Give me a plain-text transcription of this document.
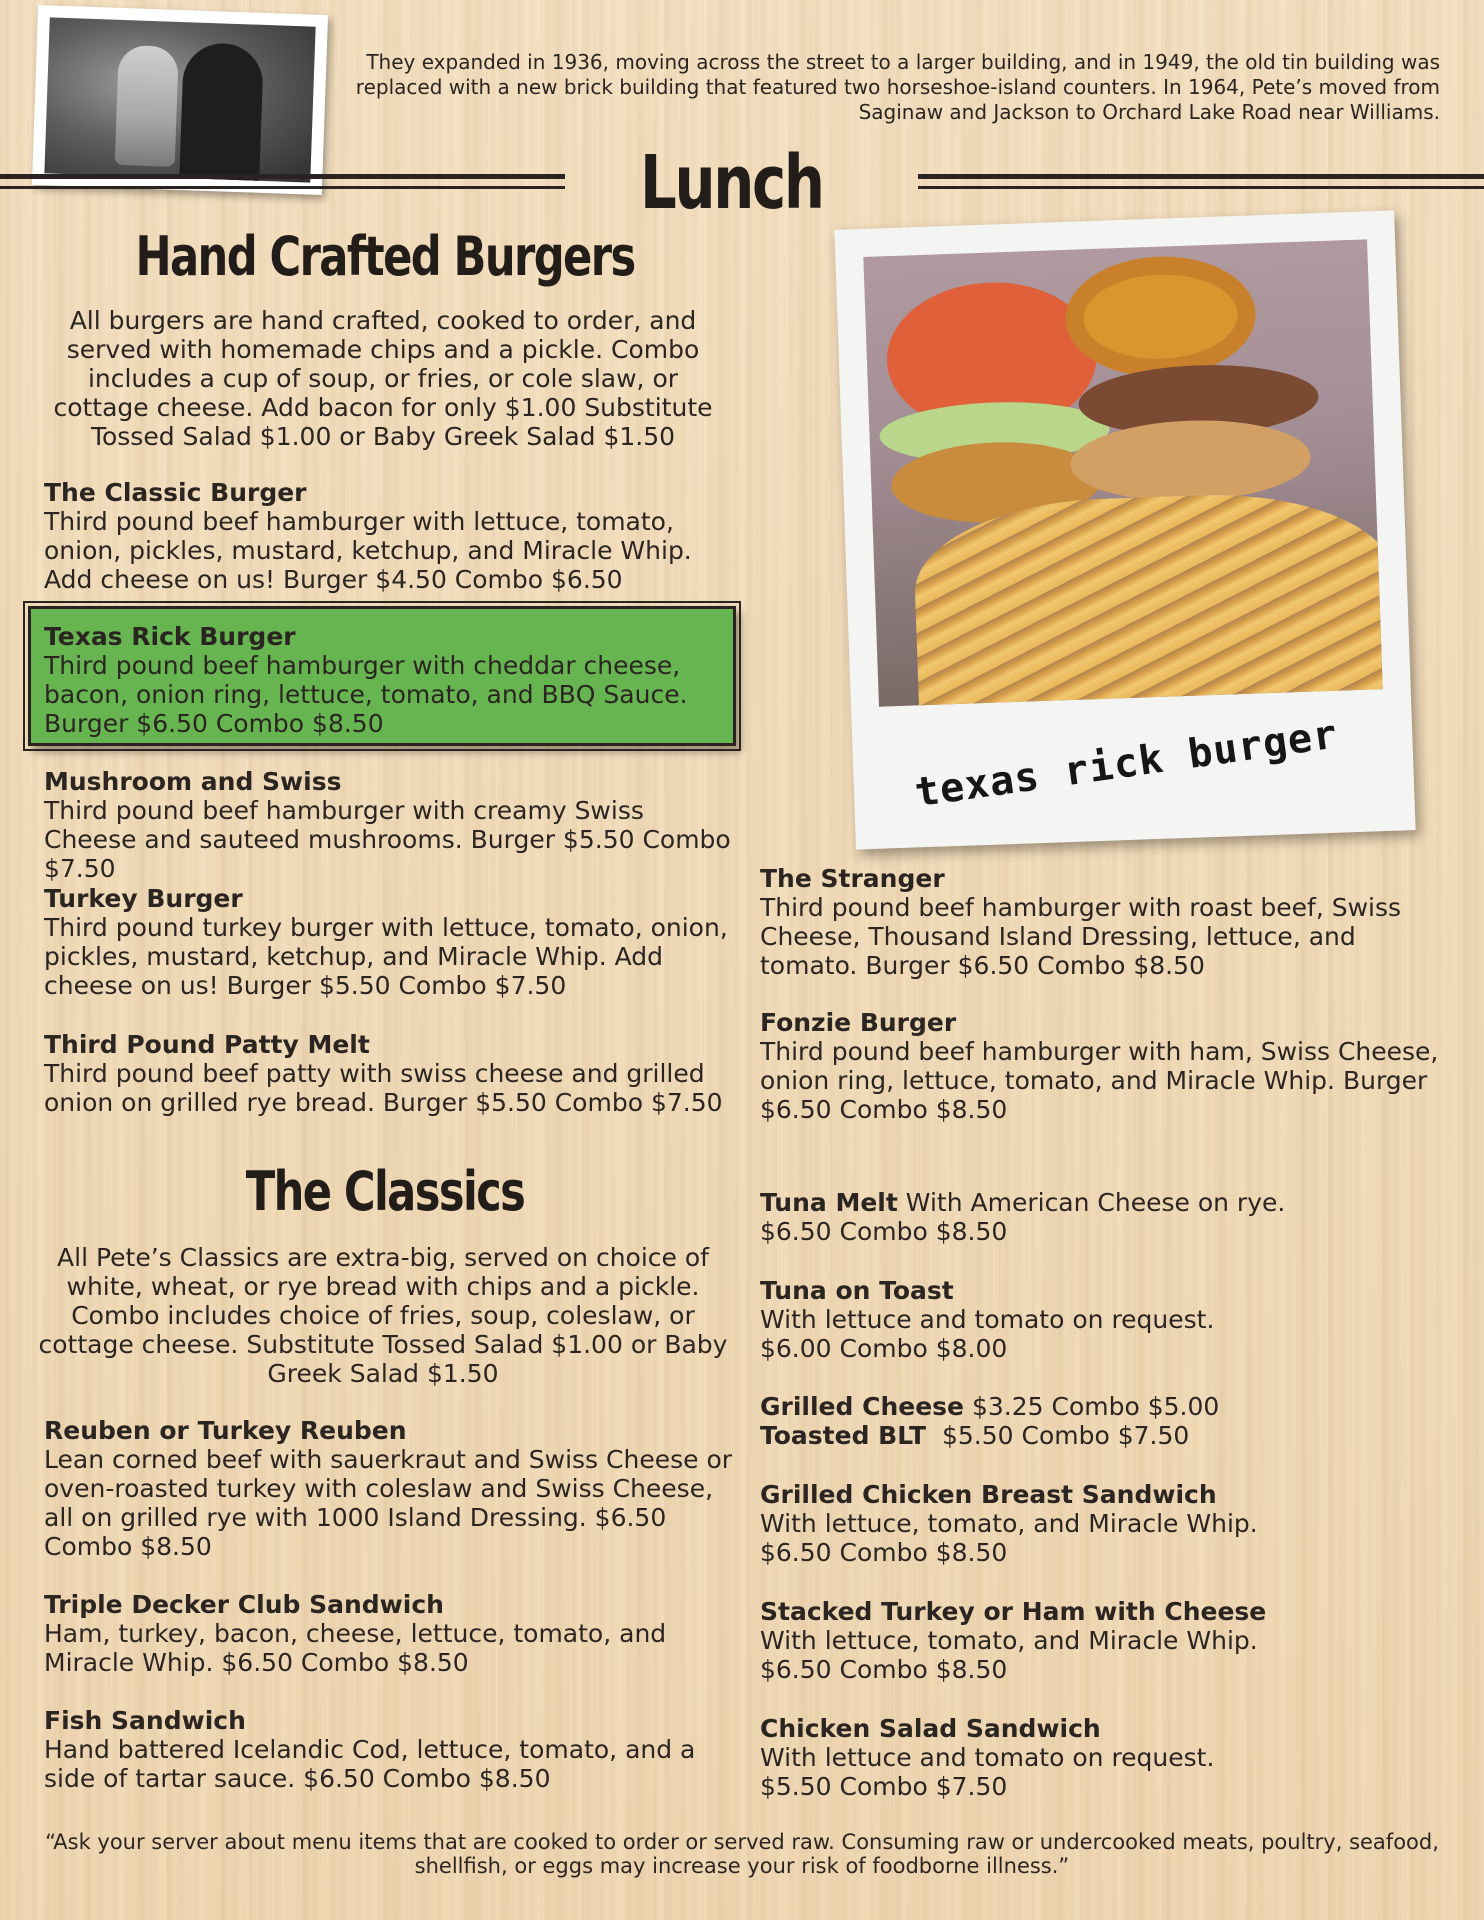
They expanded in 1936, moving across the street to a larger building, and in 1949, the old tin building was replaced with a new brick building that featured two horseshoe-island counters. In 1964, Pete’s moved from Saginaw and Jackson to Orchard Lake Road near Williams.
Lunch
Hand Crafted Burgers
All burgers are hand crafted, cooked to order, and served with homemade chips and a pickle. Combo includes a cup of soup, or fries, or cole slaw, or cottage cheese. Add bacon for only $1.00 Substitute Tossed Salad $1.00 or Baby Greek Salad $1.50
The Classic Burger
Third pound beef hamburger with lettuce, tomato, onion, pickles, mustard, ketchup, and Miracle Whip. Add cheese on us! Burger $4.50 Combo $6.50
Texas Rick Burger
Third pound beef hamburger with cheddar cheese, bacon, onion ring, lettuce, tomato, and BBQ Sauce. Burger $6.50 Combo $8.50
Mushroom and Swiss
Third pound beef hamburger with creamy Swiss Cheese and sauteed mushrooms. Burger $5.50 Combo $7.50
Turkey Burger
Third pound turkey burger with lettuce, tomato, onion, pickles, mustard, ketchup, and Miracle Whip. Add cheese on us! Burger $5.50 Combo $7.50
Third Pound Patty Melt
Third pound beef patty with swiss cheese and grilled onion on grilled rye bread. Burger $5.50 Combo $7.50
texas rick burger
The Stranger
Third pound beef hamburger with roast beef, Swiss Cheese, Thousand Island Dressing, lettuce, and tomato. Burger $6.50 Combo $8.50
Fonzie Burger
Third pound beef hamburger with ham, Swiss Cheese, onion ring, lettuce, tomato, and Miracle Whip. Burger $6.50 Combo $8.50
The Classics
All Pete’s Classics are extra-big, served on choice of white, wheat, or rye bread with chips and a pickle. Combo includes choice of fries, soup, coleslaw, or cottage cheese. Substitute Tossed Salad $1.00 or Baby Greek Salad $1.50
Reuben or Turkey Reuben
Lean corned beef with sauerkraut and Swiss Cheese or oven-roasted turkey with coleslaw and Swiss Cheese, all on grilled rye with 1000 Island Dressing. $6.50 Combo $8.50
Triple Decker Club Sandwich
Ham, turkey, bacon, cheese, lettuce, tomato, and Miracle Whip. $6.50 Combo $8.50
Fish Sandwich
Hand battered Icelandic Cod, lettuce, tomato, and a side of tartar sauce. $6.50 Combo $8.50
Tuna Melt With American Cheese on rye.
$6.50 Combo $8.50
Tuna on Toast
With lettuce and tomato on request.
$6.00 Combo $8.00
Grilled Cheese $3.25 Combo $5.00
Toasted BLT $5.50 Combo $7.50
Grilled Chicken Breast Sandwich
With lettuce, tomato, and Miracle Whip.
$6.50 Combo $8.50
Stacked Turkey or Ham with Cheese
With lettuce, tomato, and Miracle Whip.
$6.50 Combo $8.50
Chicken Salad Sandwich
With lettuce and tomato on request.
$5.50 Combo $7.50
“Ask your server about menu items that are cooked to order or served raw. Consuming raw or undercooked meats, poultry, seafood, shellfish, or eggs may increase your risk of foodborne illness.”
